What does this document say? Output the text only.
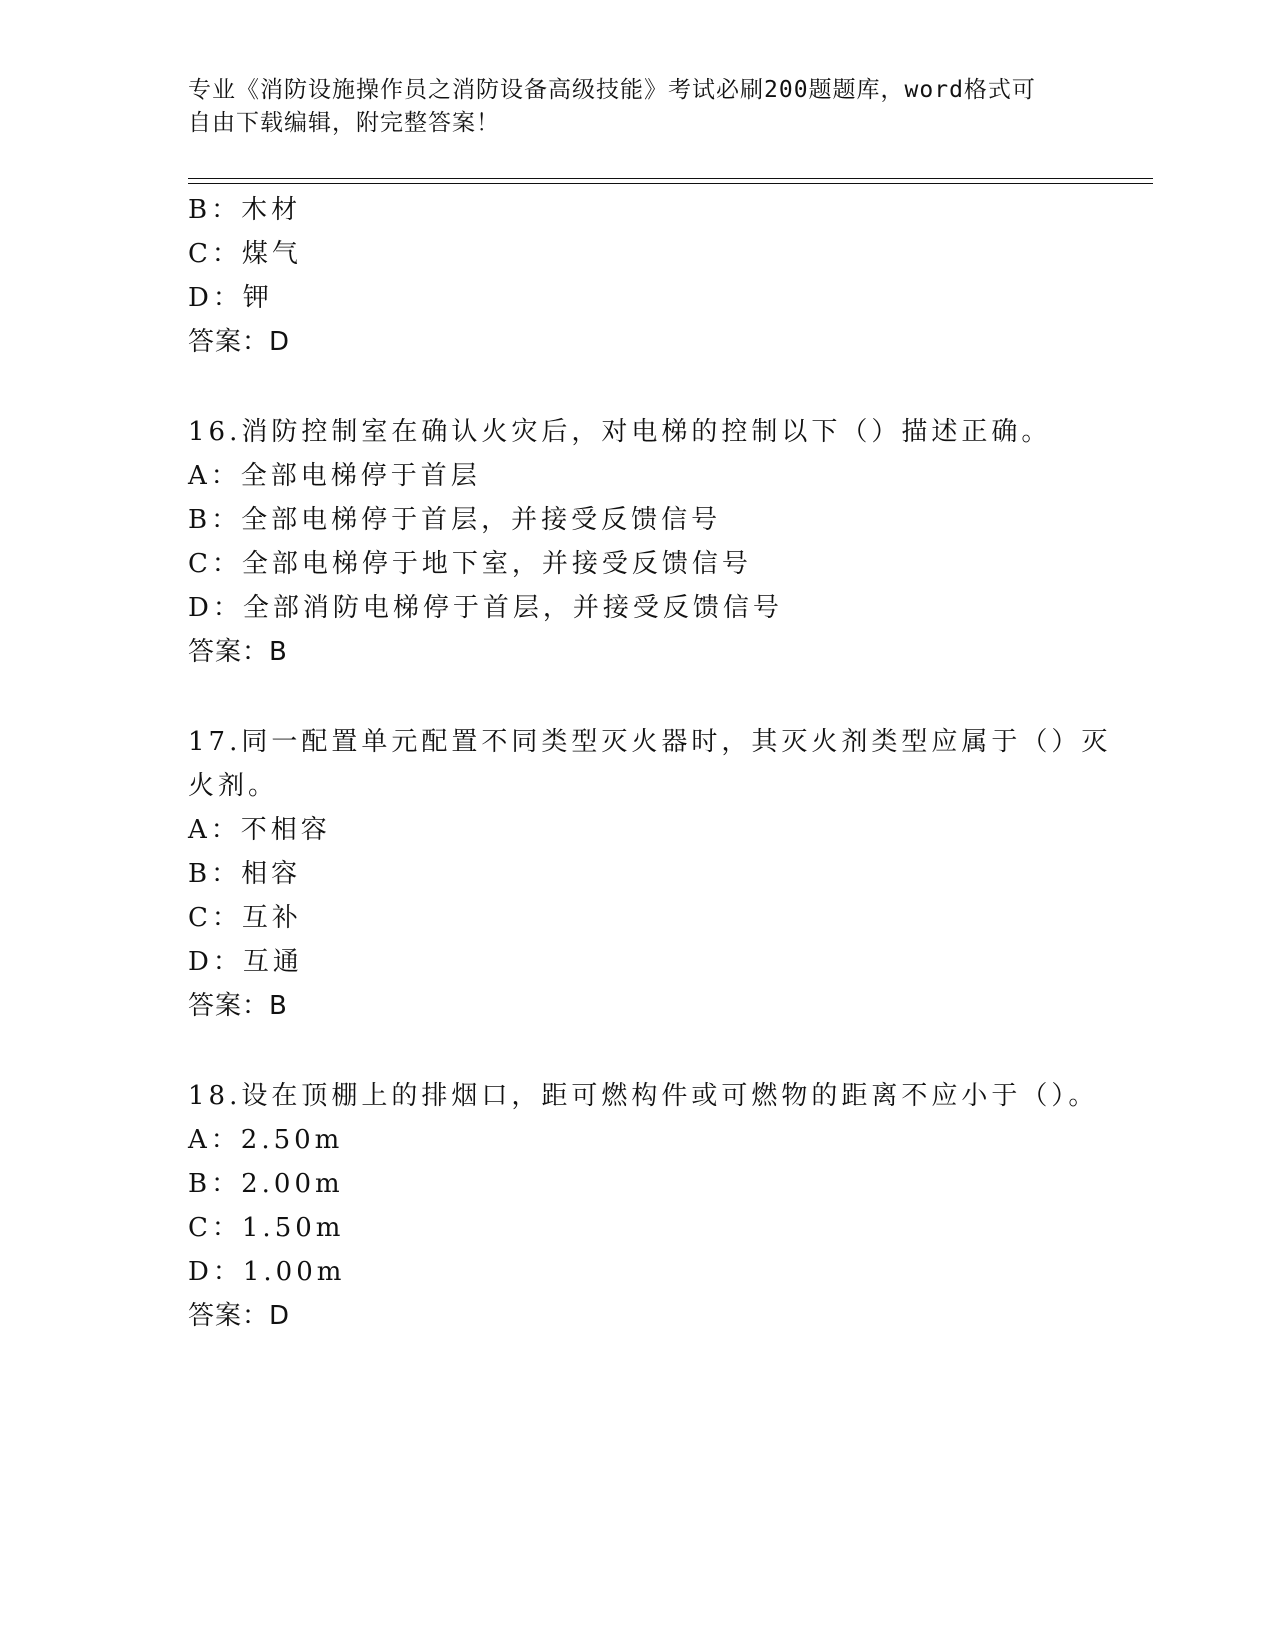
专业《消防设施操作员之消防设备高级技能》考试必刷200题题库，word格式可
自由下载编辑，附完整答案！
B：木材
C：煤气
D：钾
答案：D
16.消防控制室在确认火灾后，对电梯的控制以下（）描述正确。
A：全部电梯停于首层
B：全部电梯停于首层，并接受反馈信号
C：全部电梯停于地下室，并接受反馈信号
D：全部消防电梯停于首层，并接受反馈信号
答案：B
17.同一配置单元配置不同类型灭火器时，其灭火剂类型应属于（）灭
火剂。
A：不相容
B：相容
C：互补
D：互通
答案：B
18.设在顶棚上的排烟口，距可燃构件或可燃物的距离不应小于（）。
A：2.50m
B：2.00m
C：1.50m
D：1.00m
答案：D
